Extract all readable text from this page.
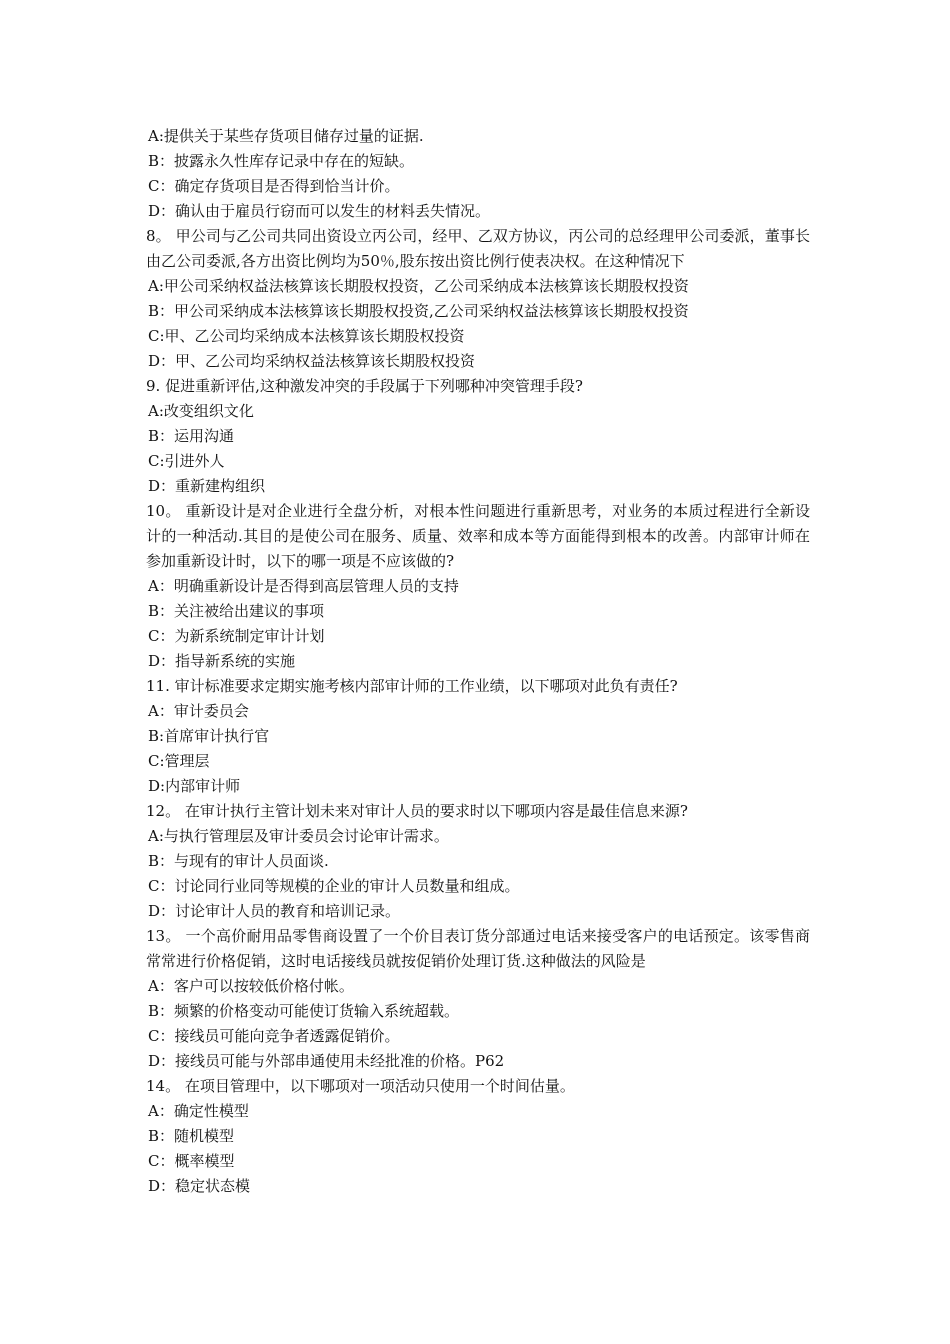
A:提供关于某些存货项目储存过量的证据.
B：披露永久性库存记录中存在的短缺。
C：确定存货项目是否得到恰当计价。
D：确认由于雇员行窃而可以发生的材料丢失情况。
8。 甲公司与乙公司共同出资设立丙公司，经甲、乙双方协议，丙公司的总经理甲公司委派，董事长由乙公司委派,各方出资比例均为50％,股东按出资比例行使表决权。在这种情况下
A:甲公司采纳权益法核算该长期股权投资，乙公司采纳成本法核算该长期股权投资
B：甲公司采纳成本法核算该长期股权投资,乙公司采纳权益法核算该长期股权投资
C:甲、乙公司均采纳成本法核算该长期股权投资
D：甲、乙公司均采纳权益法核算该长期股权投资
9. 促进重新评估,这种激发冲突的手段属于下列哪种冲突管理手段?
A:改变组织文化
B：运用沟通
C:引进外人
D：重新建构组织
10。 重新设计是对企业进行全盘分析，对根本性问题进行重新思考，对业务的本质过程进行全新设计的一种活动.其目的是使公司在服务、质量、效率和成本等方面能得到根本的改善。内部审计师在参加重新设计时，以下的哪一项是不应该做的?
A：明确重新设计是否得到高层管理人员的支持
B：关注被给出建议的事项
C：为新系统制定审计计划
D：指导新系统的实施
11. 审计标准要求定期实施考核内部审计师的工作业绩，以下哪项对此负有责任?
A：审计委员会
B:首席审计执行官
C:管理层
D:内部审计师
12。 在审计执行主管计划未来对审计人员的要求时以下哪项内容是最佳信息来源?
A:与执行管理层及审计委员会讨论审计需求。
B：与现有的审计人员面谈.
C：讨论同行业同等规模的企业的审计人员数量和组成。
D：讨论审计人员的教育和培训记录。
13。 一个高价耐用品零售商设置了一个价目表订货分部通过电话来接受客户的电话预定。该零售商常常进行价格促销，这时电话接线员就按促销价处理订货.这种做法的风险是
A：客户可以按较低价格付帐。
B：频繁的价格变动可能使订货输入系统超载。
C：接线员可能向竞争者透露促销价。
D：接线员可能与外部串通使用未经批准的价格。P62
14。 在项目管理中，以下哪项对一项活动只使用一个时间估量。
A：确定性模型
B：随机模型
C：概率模型
D：稳定状态模
